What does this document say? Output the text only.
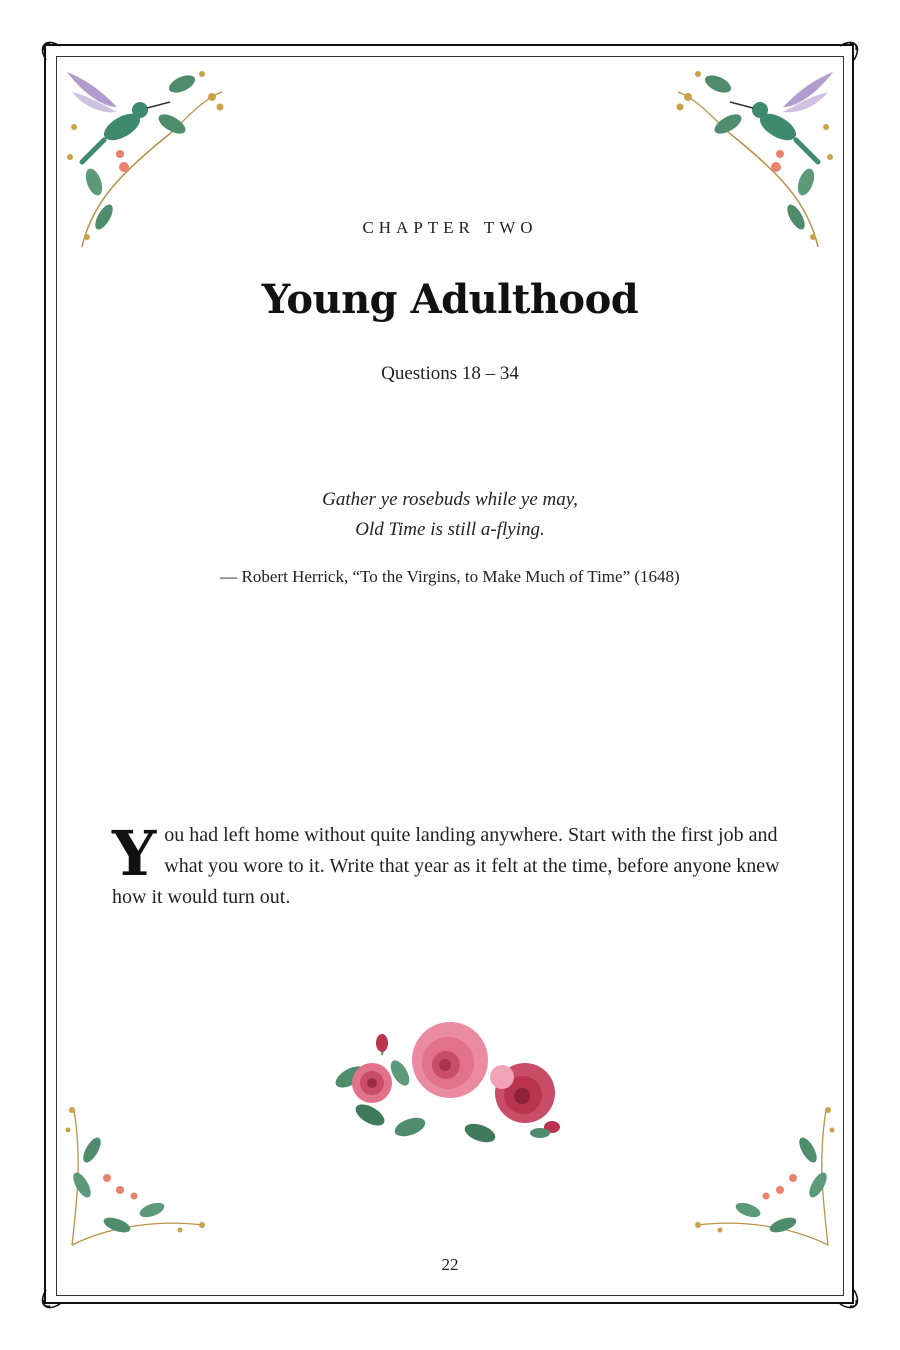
CHAPTER TWO
Young Adulthood
Questions 18 – 34
Gather ye rosebuds while ye may,
Old Time is still a-flying.
— Robert Herrick, “To the Virgins, to Make Much of Time” (1648)
You had left home without quite landing anywhere. Start with the first job and what you wore to it. Write that year as it felt at the time, before anyone knew how it would turn out.
22
